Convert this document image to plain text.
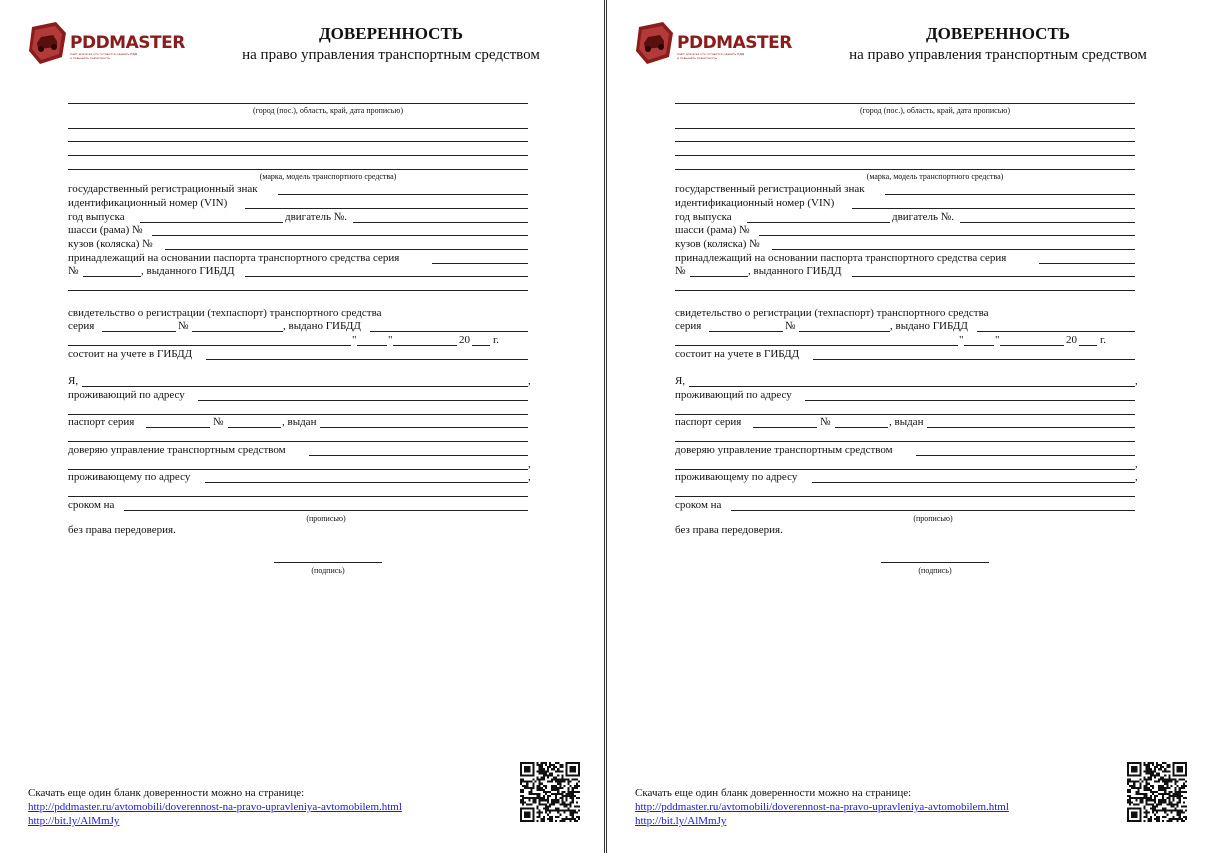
PDDMASTER
Сайт для всех кто готовится сдавать ПДД и повышать грамотность
ДОВЕРЕННОСТЬ
на право управления транспортным средством
(город (пос.), область, край, дата прописью)
(марка, модель транспортного средства)
государственный регистрационный знак
идентификационный номер (VIN)
год выпуска	двигатель №.
шасси (рама) №
кузов (коляска) №
принадлежащий на основании паспорта транспортного средства серия
№	, выданного ГИБДД
свидетельство о регистрации (техпаспорт) транспортного средства
серия	№	, выдано ГИБДД
"	"	20 г.
состоит на учете в ГИБДД
Я,	,
проживающий по адресу
паспорт серия	№	, выдан
доверяю управление транспортным средством
,
проживающему по адресу	,
сроком на
(прописью)
без права передоверия.
(подпись)
Скачать еще один бланк доверенности можно на странице:
http://pddmaster.ru/avtomobili/doverennost-na-pravo-upravleniya-avtomobilem.html
http://bit.ly/AlMmJy
PDDMASTER
Сайт для всех кто готовится сдавать ПДД и повышать грамотность
ДОВЕРЕННОСТЬ
на право управления транспортным средством
(город (пос.), область, край, дата прописью)
(марка, модель транспортного средства)
государственный регистрационный знак
идентификационный номер (VIN)
год выпуска	двигатель №.
шасси (рама) №
кузов (коляска) №
принадлежащий на основании паспорта транспортного средства серия
№	, выданного ГИБДД
свидетельство о регистрации (техпаспорт) транспортного средства
серия	№	, выдано ГИБДД
"	"	20 г.
состоит на учете в ГИБДД
Я,	,
проживающий по адресу
паспорт серия	№	, выдан
доверяю управление транспортным средством
,
проживающему по адресу	,
сроком на
(прописью)
без права передоверия.
(подпись)
Скачать еще один бланк доверенности можно на странице:
http://pddmaster.ru/avtomobili/doverennost-na-pravo-upravleniya-avtomobilem.html
http://bit.ly/AlMmJy
